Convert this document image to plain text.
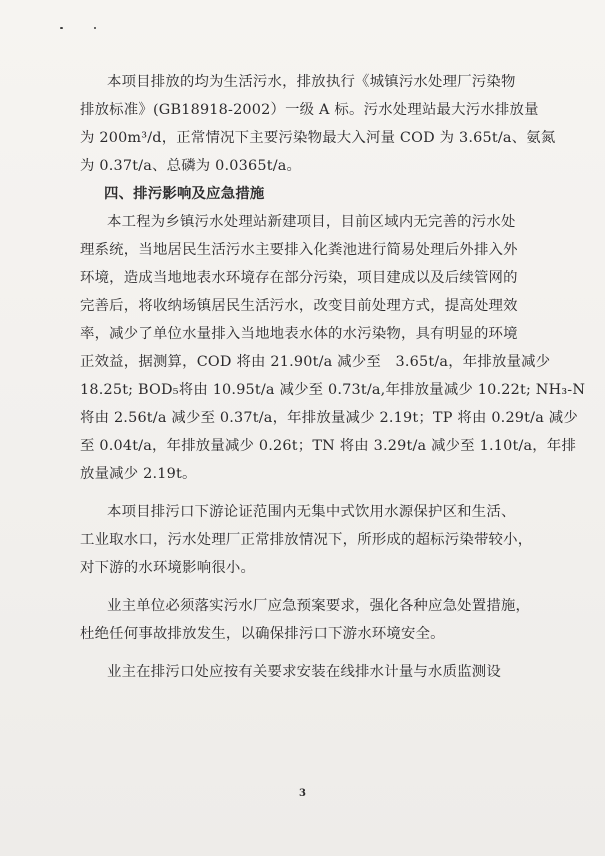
本项目排放的均为生活污水，排放执行《城镇污水处理厂污染物
排放标准》(GB18918-2002）一级 A 标。污水处理站最大污水排放量
为 200m³/d，正常情况下主要污染物最大入河量 COD 为 3.65t/a、氨氮
为 0.37t/a、总磷为 0.0365t/a。
四、排污影响及应急措施
本工程为乡镇污水处理站新建项目，目前区域内无完善的污水处
理系统，当地居民生活污水主要排入化粪池进行简易处理后外排入外
环境，造成当地地表水环境存在部分污染，项目建成以及后续管网的
完善后，将收纳场镇居民生活污水，改变目前处理方式，提高处理效
率，减少了单位水量排入当地地表水体的水污染物，具有明显的环境
正效益，据测算，COD 将由 21.90t/a 减少至　3.65t/a，年排放量减少
18.25t; BOD₅将由 10.95t/a 减少至 0.73t/a,年排放量减少 10.22t; NH₃-N
将由 2.56t/a 减少至 0.37t/a，年排放量减少 2.19t；TP 将由 0.29t/a 减少
至 0.04t/a，年排放量减少 0.26t；TN 将由 3.29t/a 减少至 1.10t/a，年排
放量减少 2.19t。
本项目排污口下游论证范围内无集中式饮用水源保护区和生活、
工业取水口，污水处理厂正常排放情况下，所形成的超标污染带较小，
对下游的水环境影响很小。
业主单位必须落实污水厂应急预案要求，强化各种应急处置措施，
杜绝任何事故排放发生，以确保排污口下游水环境安全。
业主在排污口处应按有关要求安装在线排水计量与水质监测设
3
